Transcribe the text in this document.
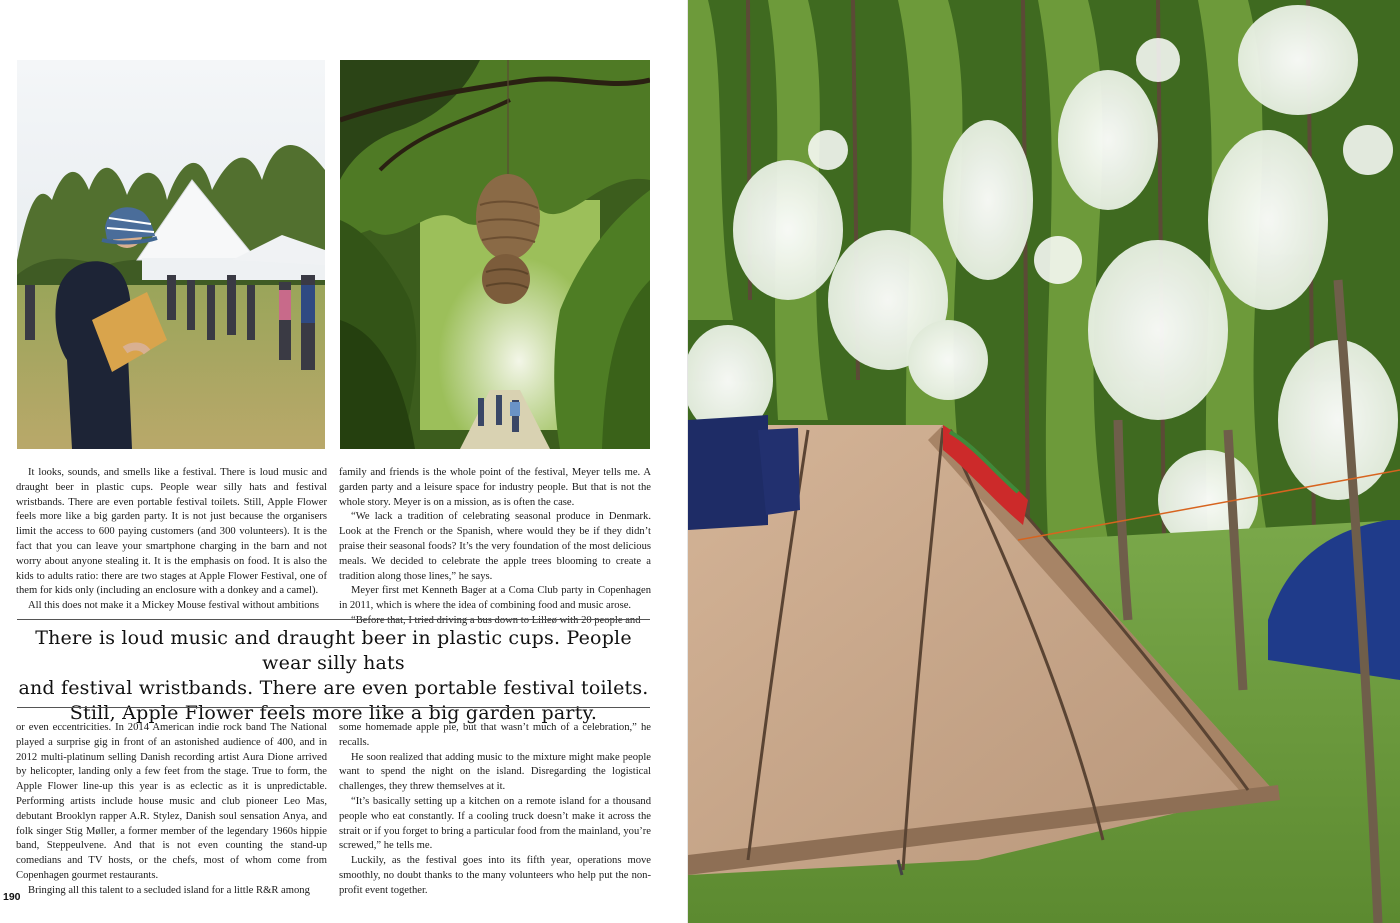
It looks, sounds, and smells like a festival. There is loud music and draught beer in plastic cups. People wear silly hats and festival wristbands. There are even portable festival toilets. Still, Apple Flower feels more like a big garden party. It is not just because the organisers limit the access to 600 paying customers (and 300 volunteers). It is the fact that you can leave your smartphone charging in the barn and not worry about anyone stealing it. It is the emphasis on food. It is also the kids to adults ratio: there are two stages at Apple Flower Festival, one of them for kids only (including an enclosure with a donkey and a camel).

All this does not make it a Mickey Mouse festival without ambitions

family and friends is the whole point of the festival, Meyer tells me. A garden party and a leisure space for industry people. But that is not the whole story. Meyer is on a mission, as is often the case.

“We lack a tradition of celebrating seasonal produce in Denmark. Look at the French or the Spanish, where would they be if they didn’t praise their seasonal foods? It’s the very foundation of the most delicious meals. We decided to celebrate the apple trees blooming to create a tradition along those lines,” he says.

Meyer first met Kenneth Bager at a Coma Club party in Copenhagen in 2011, which is where the idea of combining food and music arose.

“Before that, I tried driving a bus down to Lilleø with 20 people and

There is loud music and draught beer in plastic cups. People wear silly hats
and festival wristbands. There are even portable festival toilets.
Still, Apple Flower feels more like a big garden party.

or even eccentricities. In 2014 American indie rock band The National played a surprise gig in front of an astonished audience of 400, and in 2012 multi-platinum selling Danish recording artist Aura Dione arrived by helicopter, landing only a few feet from the stage. True to form, the Apple Flower line-up this year is as eclectic as it is unpredictable. Performing artists include house music and club pioneer Leo Mas, debutant Brooklyn rapper A.R. Stylez, Danish soul sensation Anya, and folk singer Stig Møller, a former member of the legendary 1960s hippie band, Steppeulvene. And that is not even counting the stand-up comedians and TV hosts, or the chefs, most of whom come from Copenhagen gourmet restaurants.

Bringing all this talent to a secluded island for a little R&R among

some homemade apple pie, but that wasn’t much of a celebration,” he recalls.

He soon realized that adding music to the mixture might make people want to spend the night on the island. Disregarding the logistical challenges, they threw themselves at it.

“It’s basically setting up a kitchen on a remote island for a thousand people who eat constantly. If a cooling truck doesn’t make it across the strait or if you forget to bring a particular food from the mainland, you’re screwed,” he tells me.

Luckily, as the festival goes into its fifth year, operations move smoothly, no doubt thanks to the many volunteers who help put the non-profit event together.

190
